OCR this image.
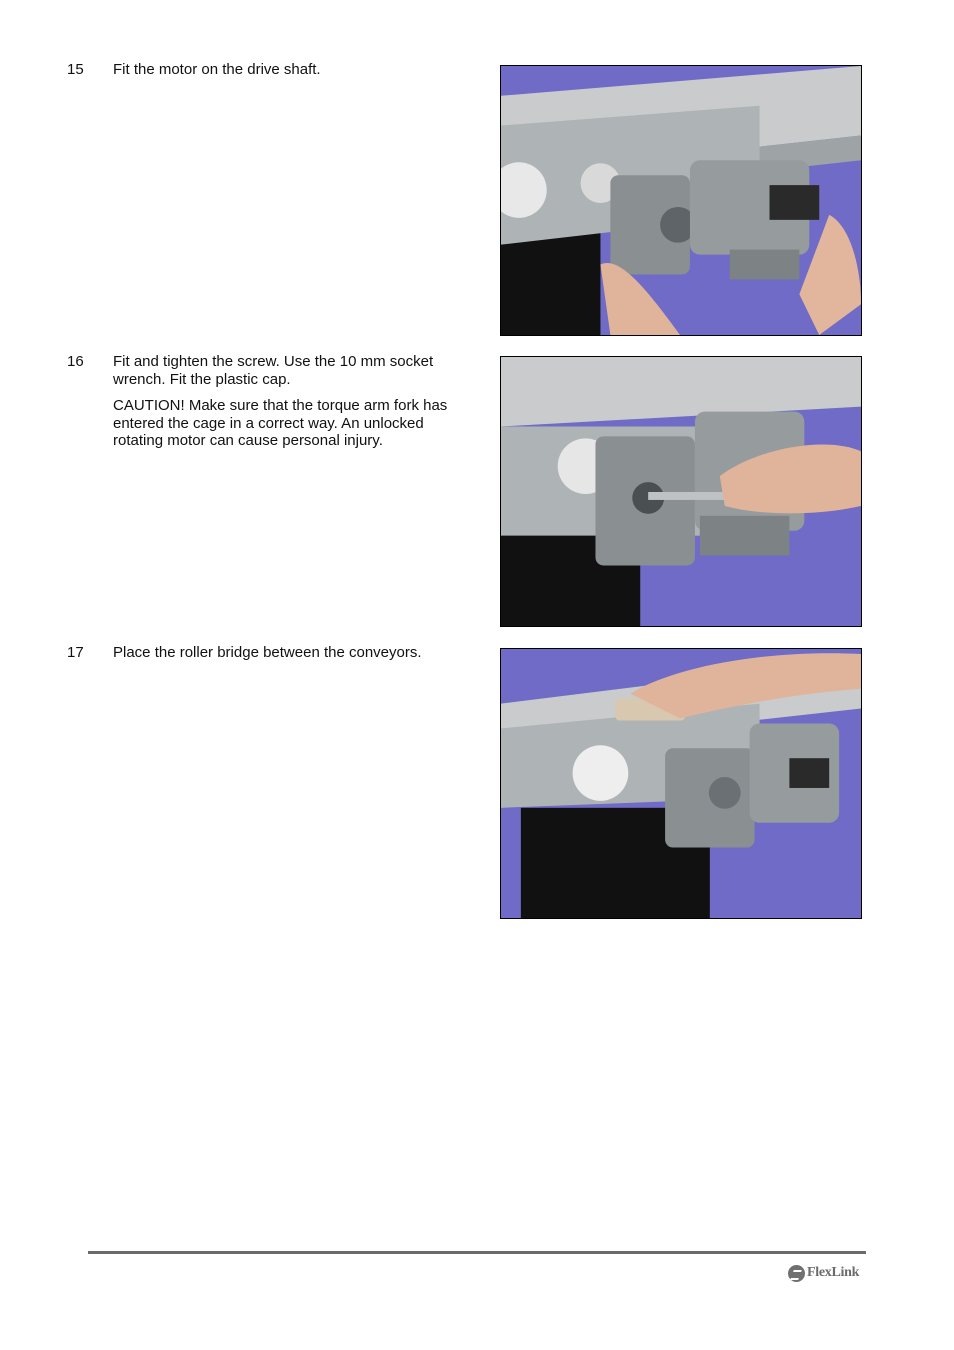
15 Fit the motor on the drive shaft.

16 Fit and tighten the screw. Use the 10 mm socket wrench. Fit the plastic cap.

CAUTION! Make sure that the torque arm fork has entered the cage in a correct way. An unlocked rotating motor can cause personal injury.

17 Place the roller bridge between the conveyors.

FlexLink
